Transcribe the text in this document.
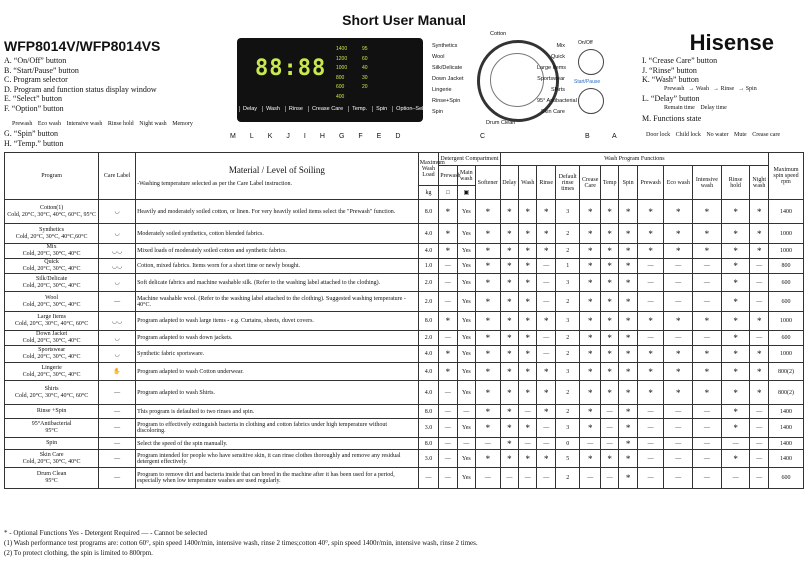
Short User Manual
WFP8014V/WFP8014VS	Hisense
A. “On/Off” button
B. “Start/Pause” button
C. Program selector
D. Program and function status display window
E. “Select” button
F. “Option” button
Prewash Eco wash Intensive wash Rinse hold Night wash Memory
G. “Spin” button
H. “Temp.” button
I. “Crease Care” button
J. “Rinse” button
K. “Wash” button
Prewash → Wash → Rinse → Spin
L. “Delay” button
Remain time Delay time
M. Functions state
Door lock Child lock No water Mute Crease care
88:88
1400
1200
1000
800
600
400
95
60
40
30
20
Delay	Wash	Rinse	Crease Care	Temp.	Spin	Option–Select
M L K J I H G F E D
Cotton
Synthetics
Wool
Silk/Delicate
Down Jacket
Lingerie
Rinse+Spin
Spin
Mix
Quick
Large Items
Sportswear
Shirts
95° Antibacterial
Skin Care
Drum Clean
On/Off
Start/Pause
C	B	A
Program	Care Label	Material / Level of Soiling
-Washing temperature selected as per the Care Label instruction.	Maximum Wash Load	Detergent Compartment			Wash Program Functions												Maximum spin speed rpm
				Prewash	Main wash	Softener	Delay	Wash	Rinse	Default rinse times	Crease Care	Temp	Spin	Prewash	Eco wash	Intensive wash	Rinse hold	Night wash	
			kg	□	▣														

Cotton(1)
Cold, 20°C, 30°C, 40°C, 60°C, 95°C	◡	Heavily and moderately soiled cotton, or linen. For very heavily soiled items select the "Prewash" function.	8.0	*	Yes	*	*	*	*	3	*	*	*	*	*	*	*	*	1400

Synthetics
Cold, 20°C, 30°C, 40°C,60°C	◡	Moderately soiled synthetics, cotton blended fabrics.	4.0	*	Yes	*	*	*	*	2	*	*	*	*	*	*	*	*	1000

Mix
Cold, 20°C, 30°C, 40°C	◡◡	Mixed loads of moderately soiled cotton and synthetic fabrics.	4.0	*	Yes	*	*	*	*	2	*	*	*	*	*	*	*	*	1000

Quick
Cold, 20°C, 30°C, 40°C	◡◡	Cotton, mixed fabrics. Items worn for a short time or newly bought.	1.0	—	Yes	*	*	*	—	1	*	*	*	—	—	—	*	—	800

Silk/Delicate
Cold, 20°C, 30°C, 40°C	◡	Soft delicate fabrics and machine washable silk. (Refer to the washing label attached to the clothing).	2.0	—	Yes	*	*	*	—	3	*	*	*	—	—	—	*	—	600

Wool
Cold, 20°C, 30°C, 40°C	—	Machine washable wool. (Refer to the washing label attached to the clothing). Suggested washing temperature - 40°C.	2.0	—	Yes	*	*	*	—	2	*	*	*	—	—	—	*	—	600

Large Items
Cold, 20°C, 30°C, 40°C, 60°C	◡◡	Program adapted to wash large items - e.g. Curtains, sheets, duvet covers.	8.0	*	Yes	*	*	*	*	3	*	*	*	*	*	*	*	*	1000

Down Jacket
Cold, 20°C, 30°C, 40°C	◡	Program adapted to wash down jackets.	2.0	—	Yes	*	*	*	—	2	*	*	*	—	—	—	*	—	600

Sportswear
Cold, 20°C, 30°C, 40°C	◡	Synthetic fabric sportsware.	4.0	*	Yes	*	*	*	—	2	*	*	*	*	*	*	*	*	1000

Lingerie
Cold, 20°C, 30°C, 40°C	✋	Program adapted to wash Cotton underwear.	4.0	*	Yes	*	*	*	*	3	*	*	*	*	*	*	*	*	800(2)

Shirts
Cold, 20°C, 30°C, 40°C, 60°C	—	Program adapted to wash Shirts.	4.0	—	Yes	*	*	*	*	2	*	*	*	*	*	*	*	*	800(2)

Rinse +Spin	—	This program is defaulted to two rinses and spin.	8.0	—	—	*	*	—	*	2	*	—	*	—	—	—	*	—	1400

95°Antibacterial
95°C	—	Program to effectively extinguish bacteria in clothing and cotton fabrics under high temperature without discoloring.	3.0	—	Yes	*	*	*	—	3	*	—	*	—	—	—	*	—	1400

Spin	—	Select the speed of the spin manually.	8.0	—	—	—	*	—	—	0	—	—	*	—	—	—	—	—	1400

Skin Care
Cold, 20°C, 30°C, 40°C	—	Program intended for people who have sensitive skin, it can rinse clothes thoroughly and remove any residual detergent effectively.	3.0	—	Yes	*	*	*	*	5	*	*	*	—	—	—	*	—	1400

Drum Clean
95°C	—	Program to remove dirt and bacteria inside that can breed in the machine after it has been used for a period, especially when low temperature washes are used regularly.	—	—	Yes	—	—	—	—	2	—	—	*	—	—	—	—	—	600
* - Optional Functions Yes - Detergent Required — - Cannot be selected
(1) Wash performance test programs are: cotton 60°, spin speed 1400r/min, intensive wash, rinse 2 times;cotton 40°, spin speed 1400r/min, intensive wash, rinse 2 times.
(2) To protect clothing, the spin is limited to 800rpm.
